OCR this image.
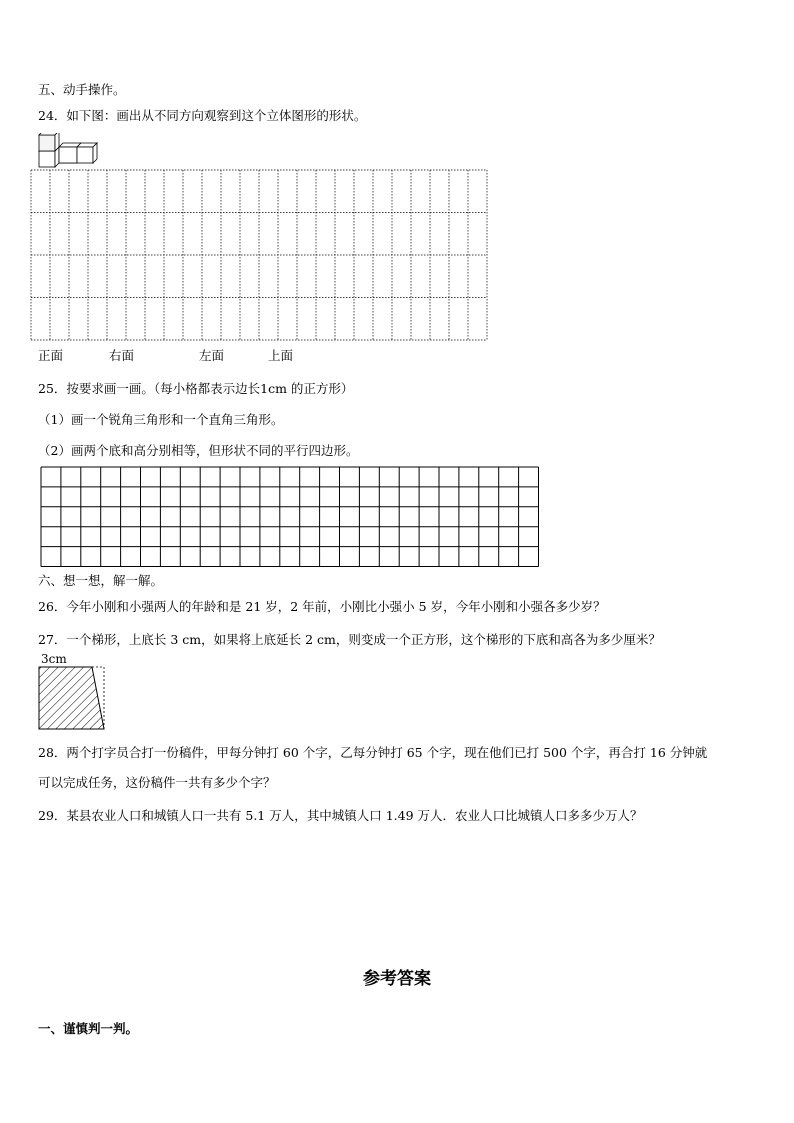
五、动手操作。
24．如下图：画出从不同方向观察到这个立体图形的形状。
正面	右面	左面	上面
25．按要求画一画。（每小格都表示边长1cm 的正方形）
（1）画一个锐角三角形和一个直角三角形。
（2）画两个底和高分别相等，但形状不同的平行四边形。
六、想一想，解一解。
26．今年小刚和小强两人的年龄和是 21 岁，2 年前，小刚比小强小 5 岁，今年小刚和小强各多少岁？
27．一个梯形，上底长 3 cm，如果将上底延长 2 cm，则变成一个正方形，这个梯形的下底和高各为多少厘米？
3cm
28．两个打字员合打一份稿件，甲每分钟打 60 个字，乙每分钟打 65 个字，现在他们已打 500 个字，再合打 16 分钟就
可以完成任务，这份稿件一共有多少个字？
29．某县农业人口和城镇人口一共有 5.1 万人，其中城镇人口 1.49 万人．农业人口比城镇人口多多少万人？
参考答案
一、谨慎判一判。
